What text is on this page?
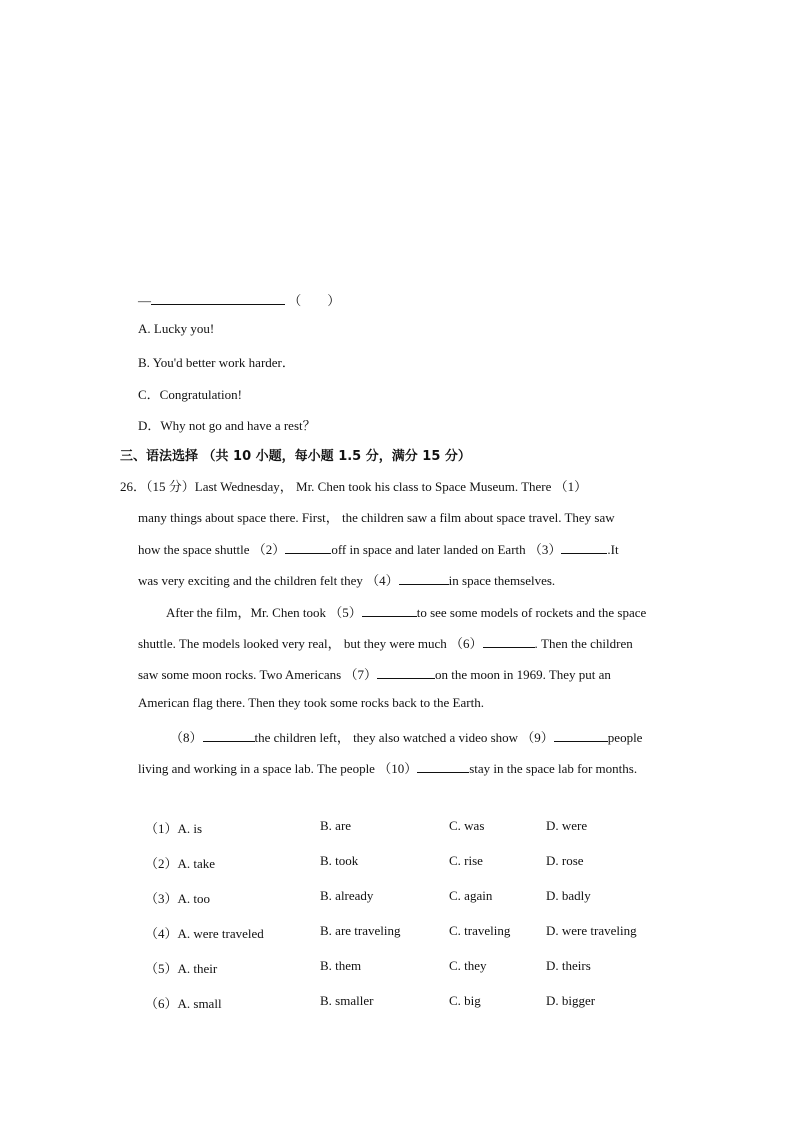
—	（　　）
A. Lucky you!
B. You'd better work harder．
C．Congratulation!
D．Why not go and have a rest？
三、语法选择 （共 10 小题，每小题 1.5 分，满分 15 分）
26．（15 分）Last Wednesday， Mr. Chen took his class to Space Museum. There （1）
many things about space there. First， the children saw a film about space travel. They saw
how the space shuttle （2）	off in space and later landed on Earth （3）	.It
was very exciting and the children felt they （4）	in space themselves.
After the film，Mr. Chen took （5）	to see some models of rockets and the space
shuttle. The models looked very real， but they were much （6）	. Then the children
saw some moon rocks. Two Americans （7）	on the moon in 1969. They put an
American flag there. Then they took some rocks back to the Earth.
（8）	the children left， they also watched a video show （9）	people
living and working in a space lab. The people （10）	stay in the space lab for months.
（1）A. is	B. are	C. was	D. were
（2）A. take	B. took	C. rise	D. rose
（3）A. too	B. already	C. again	D. badly
（4）A. were traveled	B. are traveling	C. traveling	D. were traveling
（5）A. their	B. them	C. they	D. theirs
（6）A. small	B. smaller	C. big	D. bigger
